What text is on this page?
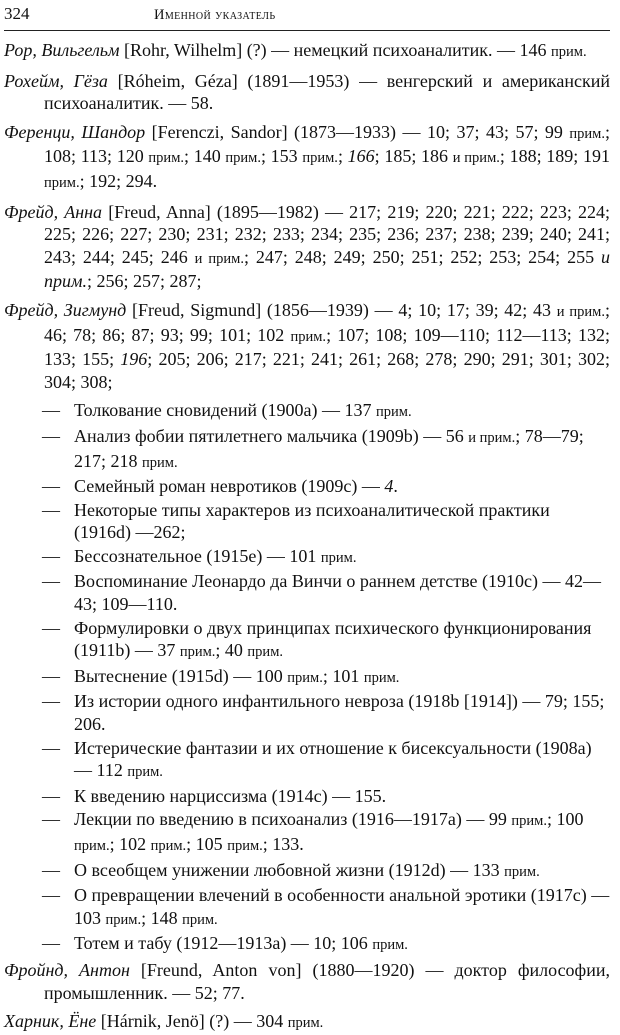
324	Именной указатель

Рор, Вильгельм [Rohr, Wilhelm] (?) — немецкий психоаналитик. — 146 прим.

Рохейм, Гёза [Róheim, Géza] (1891—1953) — венгерский и американский психоаналитик. — 58.

Ференци, Шандор [Ferenczi, Sandor] (1873—1933) — 10; 37; 43; 57; 99 прим.; 108; 113; 120 прим.; 140 прим.; 153 прим.; 166; 185; 186 и прим.; 188; 189; 191 прим.; 192; 294.

Фрейд, Анна [Freud, Anna] (1895—1982) — 217; 219; 220; 221; 222; 223; 224; 225; 226; 227; 230; 231; 232; 233; 234; 235; 236; 237; 238; 239; 240; 241; 243; 244; 245; 246 и прим.; 247; 248; 249; 250; 251; 252; 253; 254; 255 и прим.; 256; 257; 287;

Фрейд, Зигмунд [Freud, Sigmund] (1856—1939) — 4; 10; 17; 39; 42; 43 и прим.; 46; 78; 86; 87; 93; 99; 101; 102 прим.; 107; 108; 109—110; 112—113; 132; 133; 155; 196; 205; 206; 217; 221; 241; 261; 268; 278; 290; 291; 301; 302; 304; 308;
— Толкование сновидений (1900a) — 137 прим.
— Анализ фобии пятилетнего мальчика (1909b) — 56 и прим.; 78—79; 217; 218 прим.
— Семейный роман невротиков (1909c) — 4.
— Некоторые типы характеров из психоаналитической практики (1916d) —262;
— Бессознательное (1915e) — 101 прим.
— Воспоминание Леонардо да Винчи о раннем детстве (1910c) — 42—43; 109—110.
— Формулировки о двух принципах психического функционирования (1911b) — 37 прим.; 40 прим.
— Вытеснение (1915d) — 100 прим.; 101 прим.
— Из истории одного инфантильного невроза (1918b [1914]) — 79; 155; 206.
— Истерические фантазии и их отношение к бисексуальности (1908a) — 112 прим.
— К введению нарциссизма (1914c) — 155.
— Лекции по введению в психоанализ (1916—1917a) — 99 прим.; 100 прим.; 102 прим.; 105 прим.; 133.
— О всеобщем унижении любовной жизни (1912d) — 133 прим.
— О превращении влечений в особенности анальной эротики (1917c) — 103 прим.; 148 прим.
— Тотем и табу (1912—1913a) — 10; 106 прим.

Фройнд, Антон [Freund, Anton von] (1880—1920) — доктор философии, промышленник. — 52; 77.

Харник, Ёне [Hárnik, Jenö] (?) — 304 прим.
